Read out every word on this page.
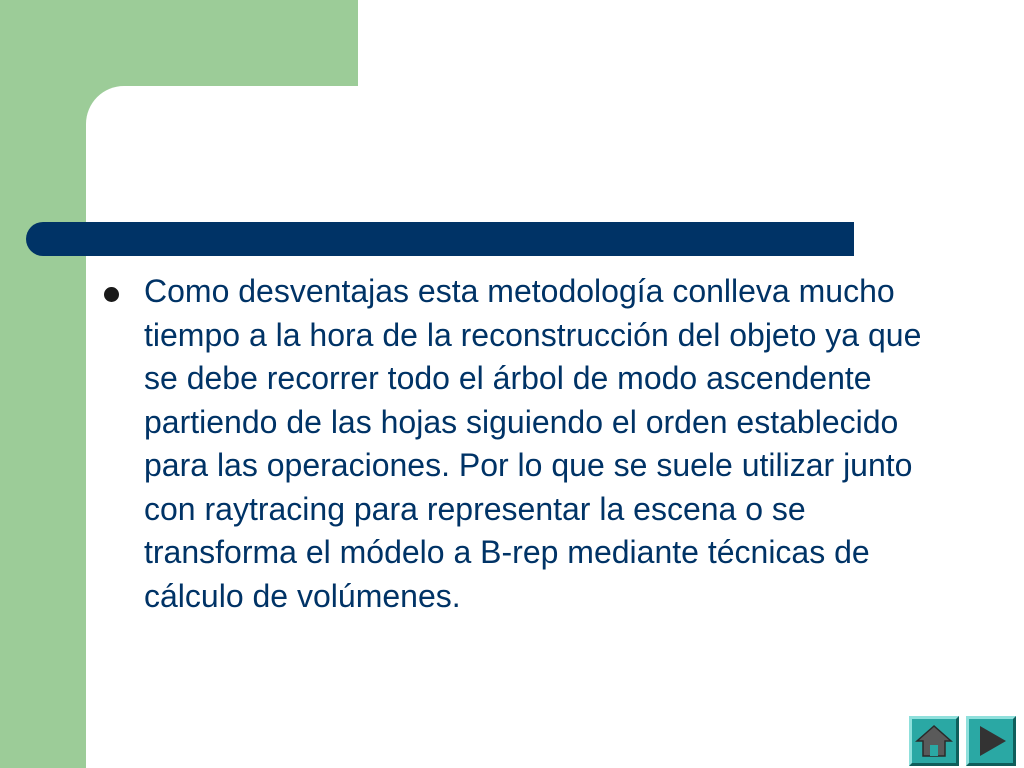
Como desventajas esta metodología conlleva mucho tiempo a la hora de la reconstrucción del objeto ya que se debe recorrer todo el árbol de modo ascendente partiendo de las hojas siguiendo el orden establecido para las operaciones. Por lo que se suele utilizar junto con raytracing para representar la escena o se transforma el módelo a B-rep mediante técnicas de cálculo de volúmenes.
